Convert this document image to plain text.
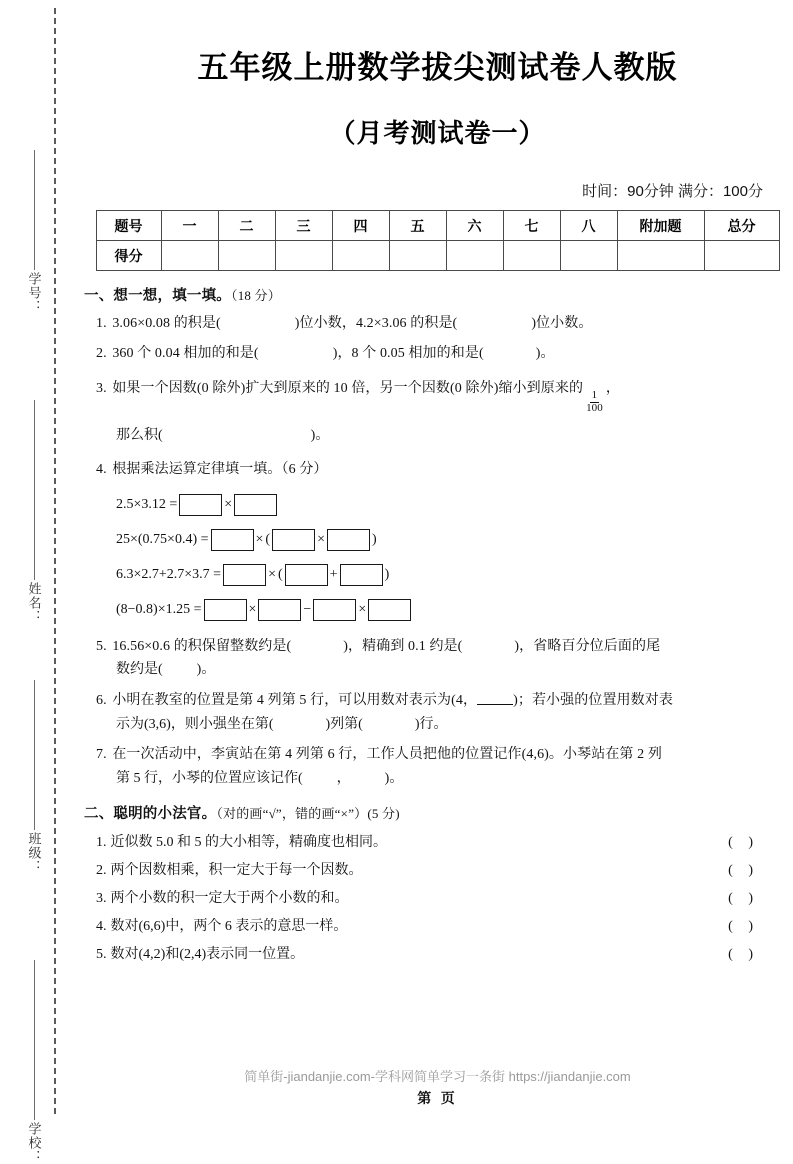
学号：
姓名：
班级：
学校：
五年级上册数学拔尖测试卷人教版
（月考测试卷一）
时间：90分钟 满分：100分
题号	一	二	三	四	五	六	七	八	附加题	总分
得分										
一、想一想，填一填。（18 分）
1. 3.06×0.08 的积是(	)位小数，4.2×3.06 的积是(	)位小数。
2. 360 个 0.04 相加的和是(	)，8 个 0.05 相加的和是(	)。
3. 如果一个因数(0 除外)扩大到原来的 10 倍，另一个因数(0 除外)缩小到原来的
$\frac{1}{100}$
，
那么积(	)。
4. 根据乘法运算定律填一填。（6 分）
2.5×3.12 =	×
25×(0.75×0.4) =	× (	×	)
6.3×2.7+2.7×3.7 =	× (	+	)
(8−0.8)×1.25 =	×	−	×
5. 16.56×0.6 的积保留整数约是(	)，精确到 0.1 约是(	)，省略百分位后面的尾
数约是( )。
6. 小明在教室的位置是第 4 列第 5 行，可以用数对表示为(4，	)；若小强的位置用数对表
示为(3,6)，则小强坐在第(	)列第(	)行。
7. 在一次活动中，李寅站在第 4 列第 6 行，工作人员把他的位置记作(4,6)。小琴站在第 2 列
第 5 行，小琴的位置应该记作( ， )。
二、聪明的小法官。（对的画“√”，错的画“×”）(5 分)
1. 近似数 5.0 和 5 的大小相等，精确度也相同。	( )
2. 两个因数相乘，积一定大于每一个因数。	( )
3. 两个小数的积一定大于两个小数的和。	( )
4. 数对(6,6)中，两个 6 表示的意思一样。	( )
5. 数对(4,2)和(2,4)表示同一位置。	( )
简单街-jiandanjie.com-学科网简单学习一条街 https://jiandanjie.com
第 页
